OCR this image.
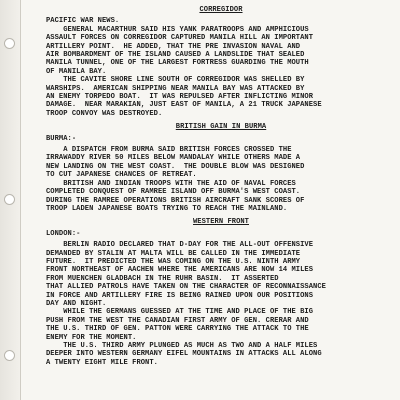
CORREGIDOR
PACIFIC WAR NEWS.
GENERAL MACARTHUR SAID HIS YANK PARATROOPS AND AMPHICIOUS
ASSAULT FORCES ON CORREGIDOR CAPTURED MANILA HILL AN IMPORTANT
ARTILLERY POINT.  HE ADDED, THAT THE PRE INVASION NAVAL AND
AIR BOMBARDMENT OF THE ISLAND CAUSED A LANDSLIDE THAT SEALED
MANILA TUNNEL, ONE OF THE LARGEST FORTRESS GUARDING THE MOUTH
OF MANILA BAY.
THE CAVITE SHORE LINE SOUTH OF CORREGIDOR WAS SHELLED BY
WARSHIPS.  AMERICAN SHIPPING NEAR MANILA BAY WAS ATTACKED BY
AN ENEMY TORPEDO BOAT.  IT WAS REPULSED AFTER INFLICTING MINOR
DAMAGE.  NEAR MARAKIAN, JUST EAST OF MANILA, A 21 TRUCK JAPANESE
TROOP CONVOY WAS DESTROYED.
BRITISH GAIN IN BURMA
BURMA:-
A DISPATCH FROM BURMA SAID BRITISH FORCES CROSSED THE
IRRAWADDY RIVER 50 MILES BELOW MANDALAY WHILE OTHERS MADE A
NEW LANDING ON THE WEST COAST.  THE DOUBLE BLOW WAS DESIGNED
TO CUT JAPANESE CHANCES OF RETREAT.
BRITISH AND INDIAN TROOPS WITH THE AID OF NAVAL FORCES
COMPLETED CONQUEST OF RAMREE ISLAND OFF BURMA'S WEST COAST.
DURING THE RAMREE OPERATIONS BRITISH AIRCRAFT SANK SCORES OF
TROOP LADEN JAPANESE BOATS TRYING TO REACH THE MAINLAND.
WESTERN FRONT
LONDON:-
BERLIN RADIO DECLARED THAT D-DAY FOR THE ALL-OUT OFFENSIVE
DEMANDED BY STALIN AT MALTA WILL BE CALLED IN THE IMMEDIATE
FUTURE.  IT PREDICTED THE WAS COMING ON THE U.S. NINTH ARMY
FRONT NORTHEAST OF AACHEN WHERE THE AMERICANS ARE NOW 14 MILES
FROM MUENCHEN GLADBACH IN THE RUHR BASIN.  IT ASSERTED
THAT ALLIED PATROLS HAVE TAKEN ON THE CHARACTER OF RECONNAISSANCE
IN FORCE AND ARTILLERY FIRE IS BEING RAINED UPON OUR POSITIONS
DAY AND NIGHT.
WHILE THE GERMANS GUESSED AT THE TIME AND PLACE OF THE BIG
PUSH FROM THE WEST THE CANADIAN FIRST ARMY OF GEN. CRERAR AND
THE U.S. THIRD OF GEN. PATTON WERE CARRYING THE ATTACK TO THE
ENEMY FOR THE MOMENT.
THE U.S. THIRD ARMY PLUNGED AS MUCH AS TWO AND A HALF MILES
DEEPER INTO WESTERN GERMANY EIFEL MOUNTAINS IN ATTACKS ALL ALONG
A TWENTY EIGHT MILE FRONT.
